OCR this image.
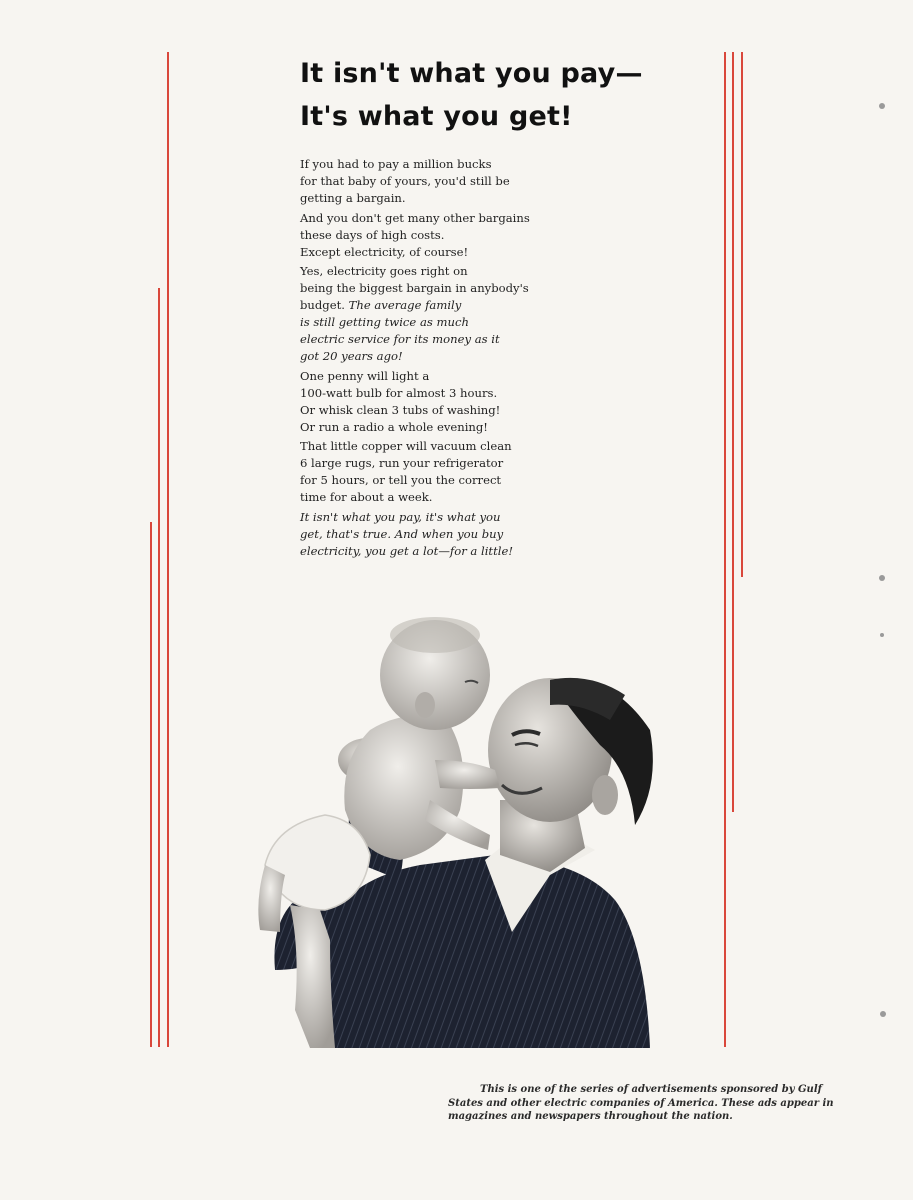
It isn't what you pay—
It's what you get!

If you had to pay a million bucks
for that baby of yours, you'd still be
getting a bargain.

And you don't get many other bargains
these days of high costs.
Except electricity, of course!

Yes, electricity goes right on
being the biggest bargain in anybody's
budget. The average family
is still getting twice as much
electric service for its money as it
got 20 years ago!

One penny will light a
100-watt bulb for almost 3 hours.
Or whisk clean 3 tubs of washing!
Or run a radio a whole evening!

That little copper will vacuum clean
6 large rugs, run your refrigerator
for 5 hours, or tell you the correct
time for about a week.

It isn't what you pay, it's what you
get, that's true. And when you buy
electricity, you get a lot—for a little!

This is one of the series of advertisements sponsored by Gulf
States and other electric companies of America. These ads appear in
magazines and newspapers throughout the nation.
